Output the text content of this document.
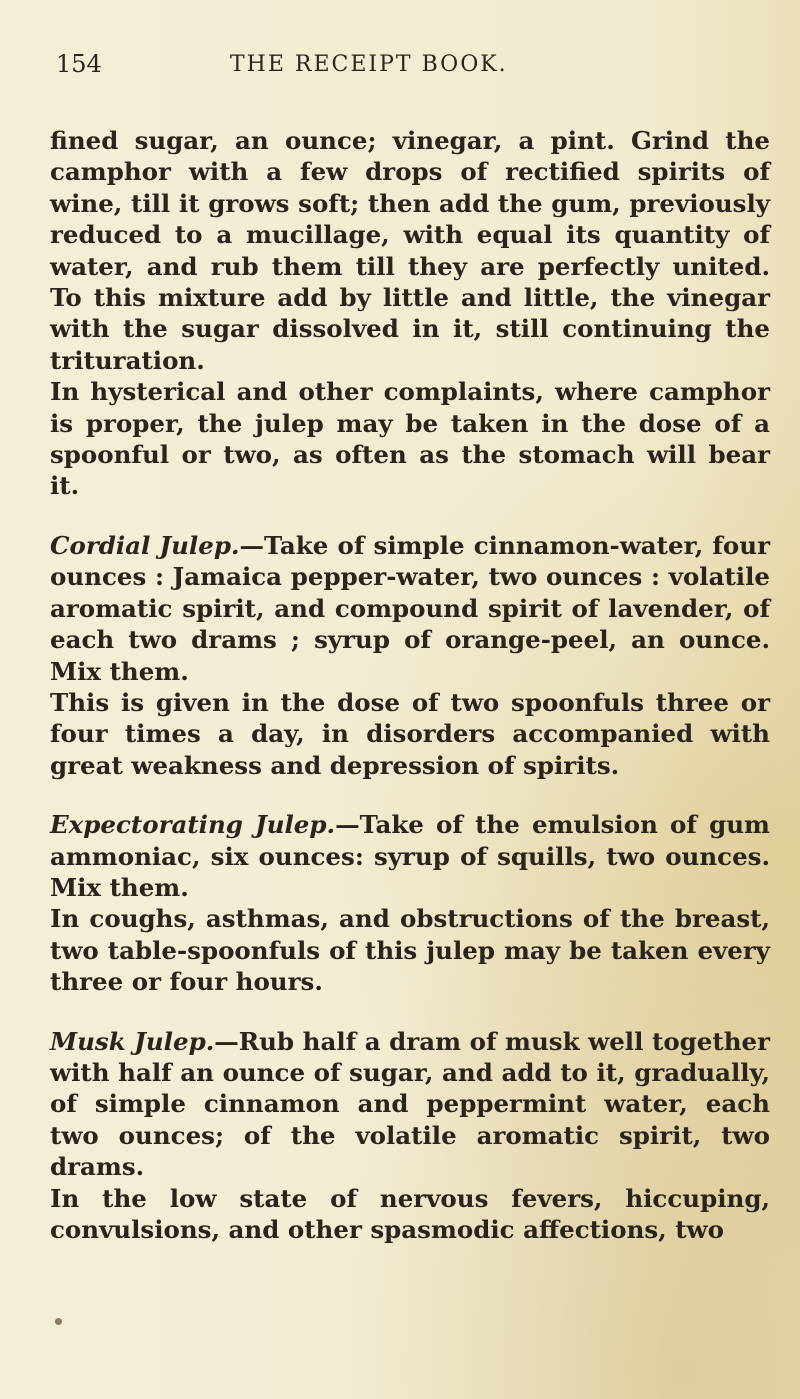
154	THE RECEIPT BOOK.

fined sugar, an ounce; vinegar, a pint. Grind the camphor with a few drops of rectified spirits of wine, till it grows soft; then add the gum, previously reduced to a mucillage, with equal its quantity of water, and rub them till they are perfectly united. To this mixture add by little and little, the vinegar with the sugar dissolved in it, still continuing the trituration.

In hysterical and other complaints, where camphor is proper, the julep may be taken in the dose of a spoonful or two, as often as the stomach will bear it.

Cordial Julep.—Take of simple cinnamon-water, four ounces : Jamaica pepper-water, two ounces : volatile aromatic spirit, and compound spirit of lavender, of each two drams ; syrup of orange-peel, an ounce. Mix them.

This is given in the dose of two spoonfuls three or four times a day, in disorders accompanied with great weakness and depression of spirits.

Expectorating Julep.—Take of the emulsion of gum ammoniac, six ounces: syrup of squills, two ounces. Mix them.

In coughs, asthmas, and obstructions of the breast, two table-spoonfuls of this julep may be taken every three or four hours.

Musk Julep.—Rub half a dram of musk well together with half an ounce of sugar, and add to it, gradually, of simple cinnamon and peppermint water, each two ounces; of the volatile aromatic spirit, two drams.

In the low state of nervous fevers, hiccuping, convulsions, and other spasmodic affections, two
